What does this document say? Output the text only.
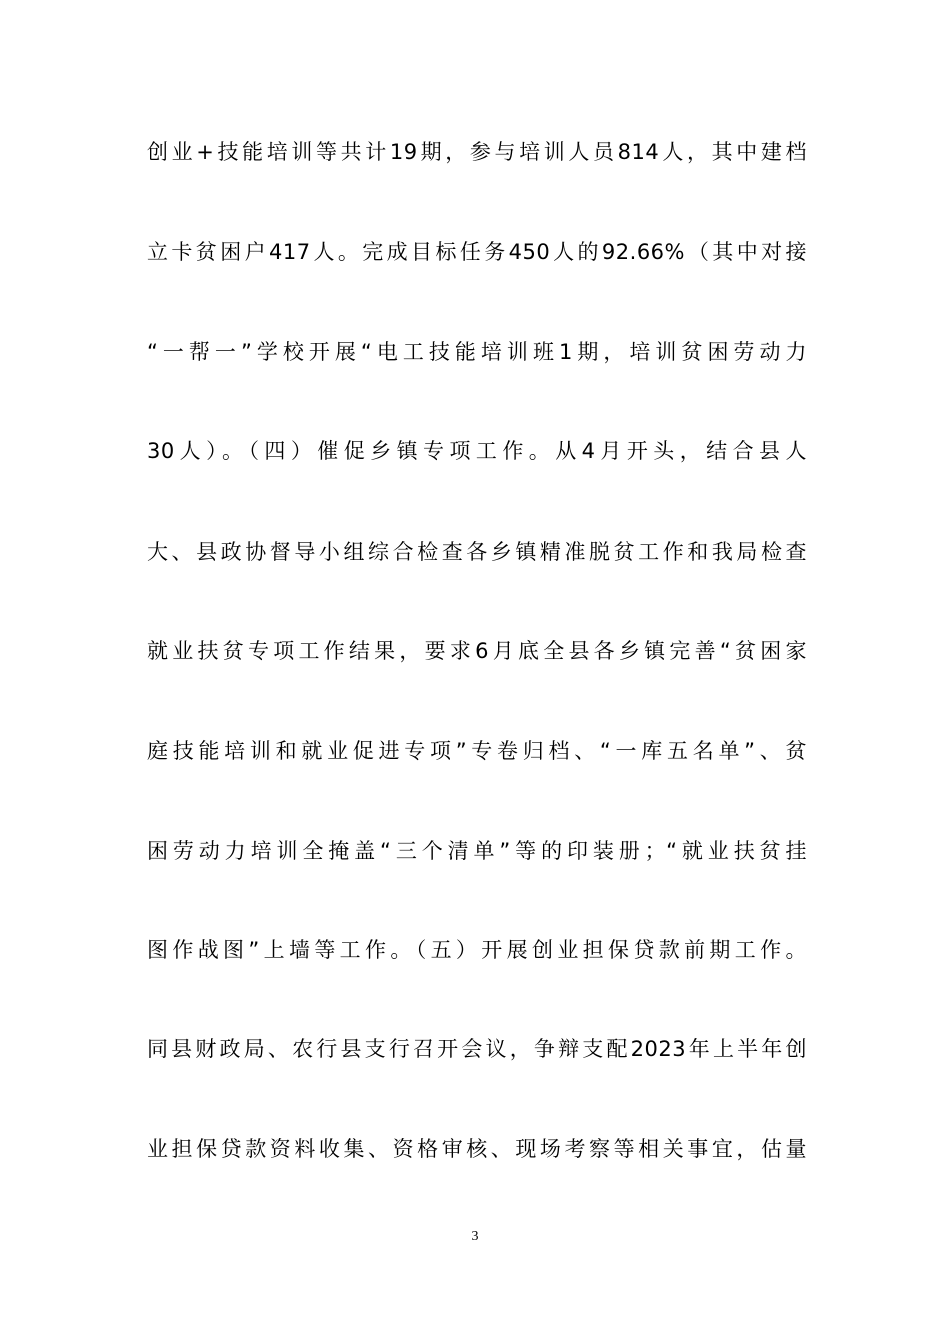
创业+技能培训等共计19期，参与培训人员814人，其中建档
立卡贫困户417人。完成目标任务450人的92.66%（其中对接
“一帮一”学校开展“电工技能培训班1期，培训贫困劳动力
30人）。（四）催促乡镇专项工作。从4月开头，结合县人
大、县政协督导小组综合检查各乡镇精准脱贫工作和我局检查
就业扶贫专项工作结果，要求6月底全县各乡镇完善“贫困家
庭技能培训和就业促进专项”专卷归档、“一库五名单”、贫
困劳动力培训全掩盖“三个清单”等的印装册；“就业扶贫挂
图作战图”上墙等工作。（五）开展创业担保贷款前期工作。
同县财政局、农行县支行召开会议，争辩支配2023年上半年创
业担保贷款资料收集、资格审核、现场考察等相关事宜，估量
3
